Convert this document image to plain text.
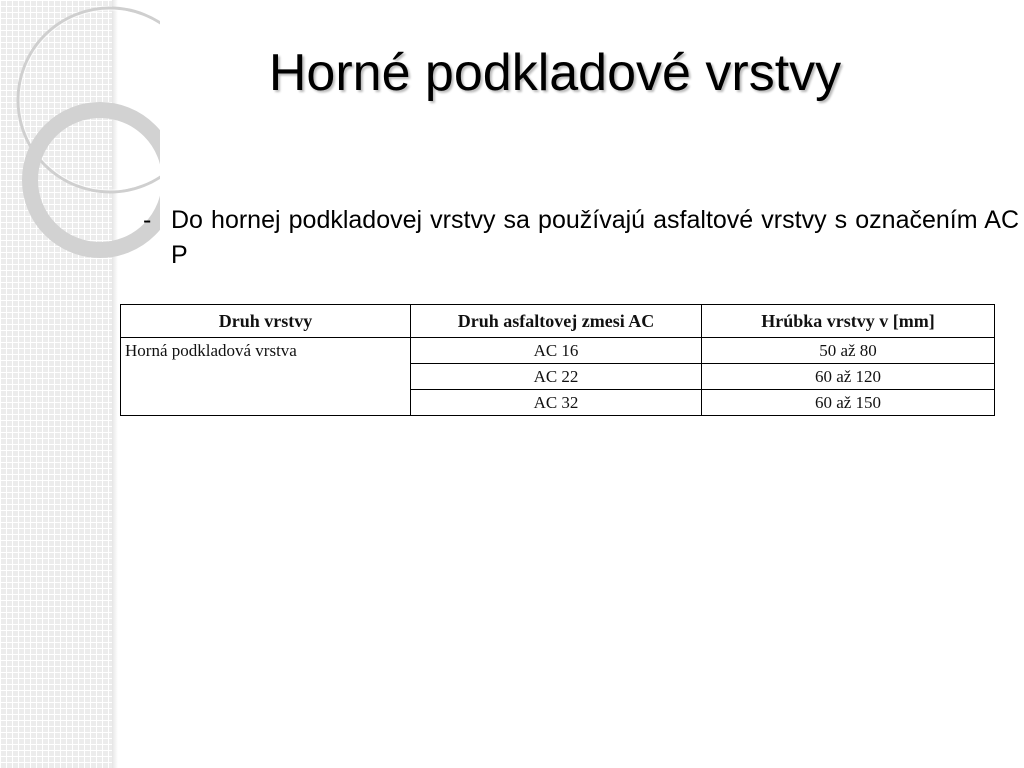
Horné podkladové vrstvy
- Do hornej podkladovej vrstvy sa používajú asfaltové vrstvy s označením AC P
Druh vrstvy	Druh asfaltovej zmesi AC	Hrúbka vrstvy v [mm]
Horná podkladová vrstva	AC 16	50 až 80
	AC 22	60 až 120
	AC 32	60 až 150
